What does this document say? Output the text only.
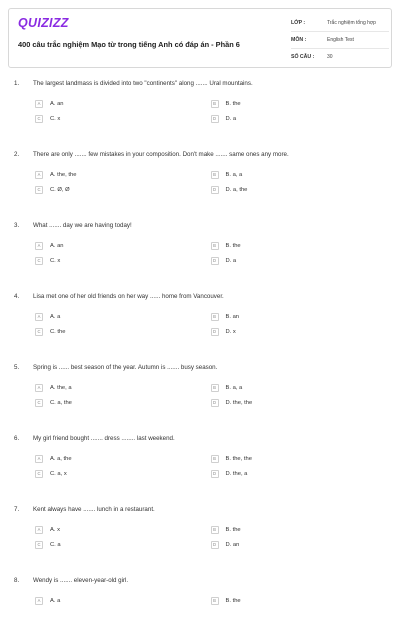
QUIZIZZ
400 câu trắc nghiệm Mạo từ trong tiếng Anh có đáp án - Phần 6
LỚP :	Trắc nghiệm tổng hợp
MÔN :	English Test
SỐ CÂU :	30
1.	The largest landmass is divided into two "continents" along ....... Ural mountains.
A	A. an	B	B. the
C	C. x	D	D. a
2.	There are only ....... few mistakes in your composition. Don't make ....... same ones any more.
A	A. the, the	B	B. a, a
C	C. Ø, Ø	D	D. a, the
3.	What ....... day we are having today!
A	A. an	B	B. the
C	C. x	D	D. a
4.	Lisa met one of her old friends on her way ...... home from Vancouver.
A	A. a	B	B. an
C	C. the	D	D. x
5.	Spring is ...... best season of the year. Autumn is ....... busy season.
A	A. the, a	B	B. a, a
C	C. a, the	D	D. the, the
6.	My girl friend bought ....... dress ........ last weekend.
A	A. a, the	B	B. the, the
C	C. a, x	D	D. the, a
7.	Kent always have ....... lunch in a restaurant.
A	A. x	B	B. the
C	C. a	D	D. an
8.	Wendy is ....... eleven-year-old girl.
A	A. a	B	B. the
